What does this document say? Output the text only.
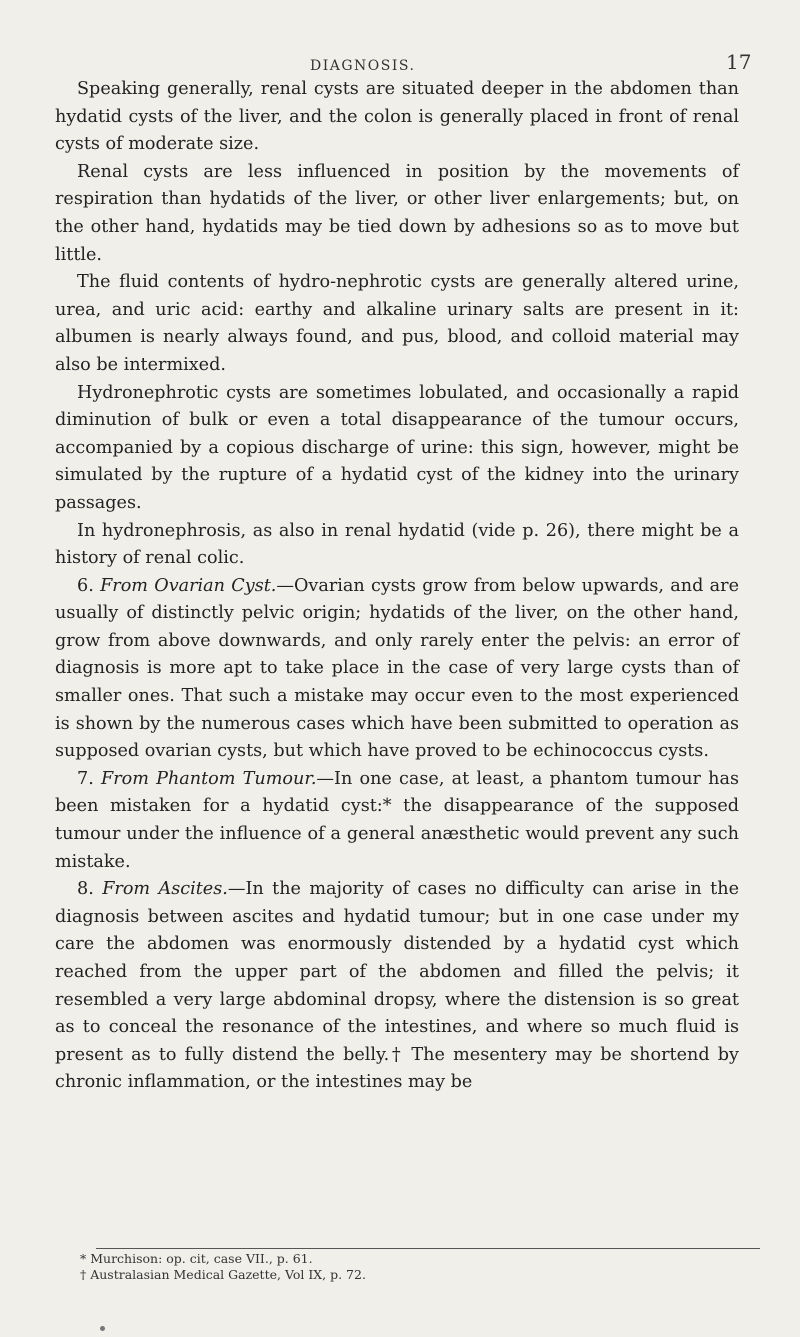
DIAGNOSIS.	17

Speaking generally, renal cysts are situated deeper in the abdomen than hydatid cysts of the liver, and the colon is generally placed in front of renal cysts of moderate size.

Renal cysts are less influenced in position by the movements of respiration than hydatids of the liver, or other liver enlargements; but, on the other hand, hydatids may be tied down by adhesions so as to move but little.

The fluid contents of hydro-nephrotic cysts are generally altered urine, urea, and uric acid: earthy and alkaline urinary salts are present in it: albumen is nearly always found, and pus, blood, and colloid material may also be intermixed.

Hydronephrotic cysts are sometimes lobulated, and occasionally a rapid diminution of bulk or even a total disappearance of the tumour occurs, accompanied by a copious discharge of urine: this sign, however, might be simulated by the rupture of a hydatid cyst of the kidney into the urinary passages.

In hydronephrosis, as also in renal hydatid (vide p. 26), there might be a history of renal colic.

6. From Ovarian Cyst.—Ovarian cysts grow from below upwards, and are usually of distinctly pelvic origin; hydatids of the liver, on the other hand, grow from above downwards, and only rarely enter the pelvis: an error of diagnosis is more apt to take place in the case of very large cysts than of smaller ones. That such a mistake may occur even to the most experienced is shown by the numerous cases which have been submitted to operation as supposed ovarian cysts, but which have proved to be echinococcus cysts.

7. From Phantom Tumour.—In one case, at least, a phantom tumour has been mistaken for a hydatid cyst:* the disappearance of the supposed tumour under the influence of a general anæsthetic would prevent any such mistake.

8. From Ascites.—In the majority of cases no difficulty can arise in the diagnosis between ascites and hydatid tumour; but in one case under my care the abdomen was enormously distended by a hydatid cyst which reached from the upper part of the abdomen and filled the pelvis; it resembled a very large abdominal dropsy, where the distension is so great as to conceal the resonance of the intestines, and where so much fluid is present as to fully distend the belly.† The mesentery may be shortend by chronic inflammation, or the intestines may be

* Murchison: op. cit, case VII., p. 61.

† Australasian Medical Gazette, Vol IX, p. 72.
